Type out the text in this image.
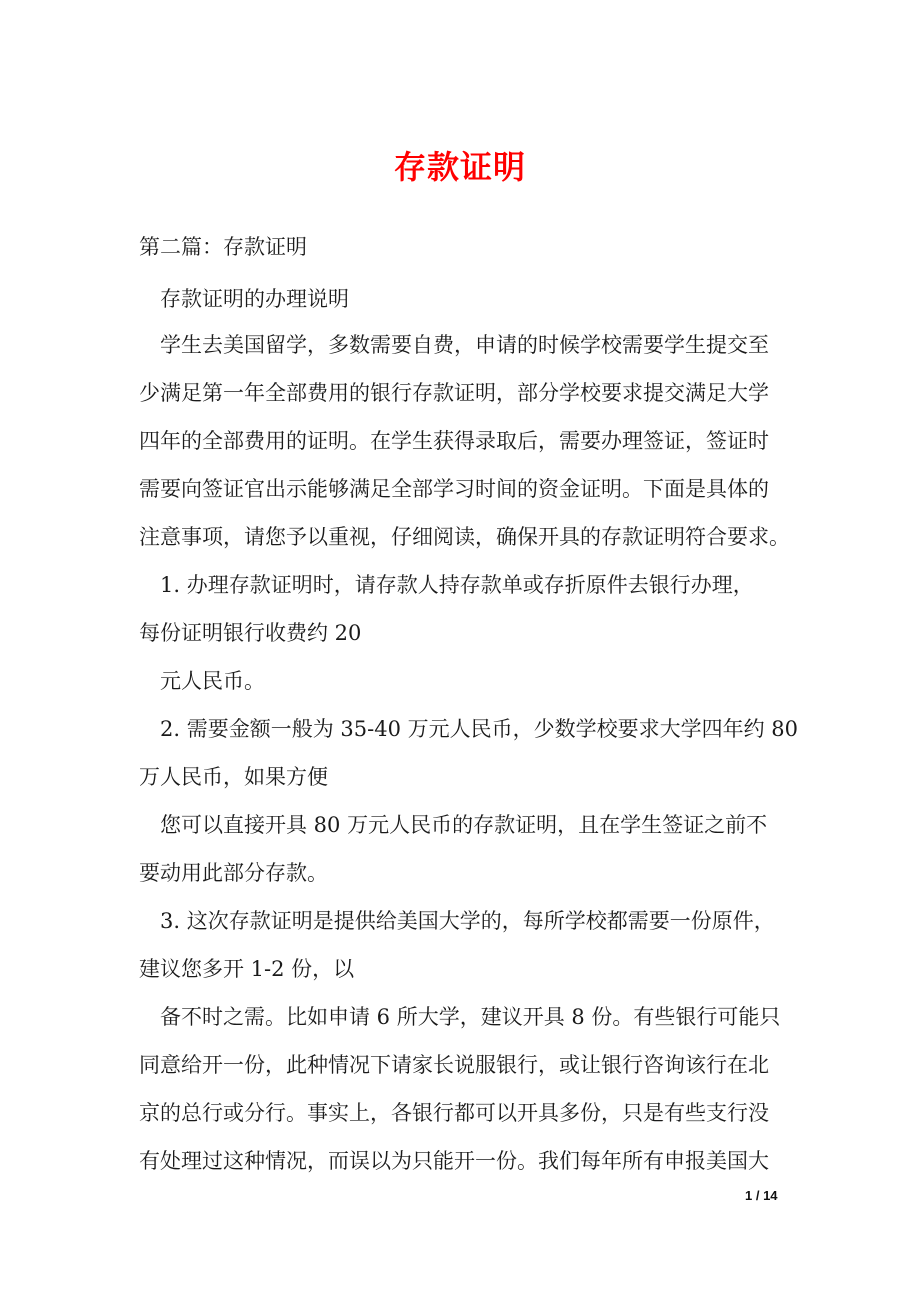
存款证明
第二篇：存款证明
存款证明的办理说明
学生去美国留学，多数需要自费，申请的时候学校需要学生提交至
少满足第一年全部费用的银行存款证明，部分学校要求提交满足大学
四年的全部费用的证明。在学生获得录取后，需要办理签证，签证时
需要向签证官出示能够满足全部学习时间的资金证明。下面是具体的
注意事项，请您予以重视，仔细阅读，确保开具的存款证明符合要求。
1. 办理存款证明时，请存款人持存款单或存折原件去银行办理，
每份证明银行收费约 20
元人民币。
2. 需要金额一般为 35-40 万元人民币，少数学校要求大学四年约 80
万人民币，如果方便
您可以直接开具 80 万元人民币的存款证明，且在学生签证之前不
要动用此部分存款。
3. 这次存款证明是提供给美国大学的，每所学校都需要一份原件，
建议您多开 1-2 份，以
备不时之需。比如申请 6 所大学，建议开具 8 份。有些银行可能只
同意给开一份，此种情况下请家长说服银行，或让银行咨询该行在北
京的总行或分行。事实上，各银行都可以开具多份，只是有些支行没
有处理过这种情况，而误以为只能开一份。我们每年所有申报美国大
1 / 14
